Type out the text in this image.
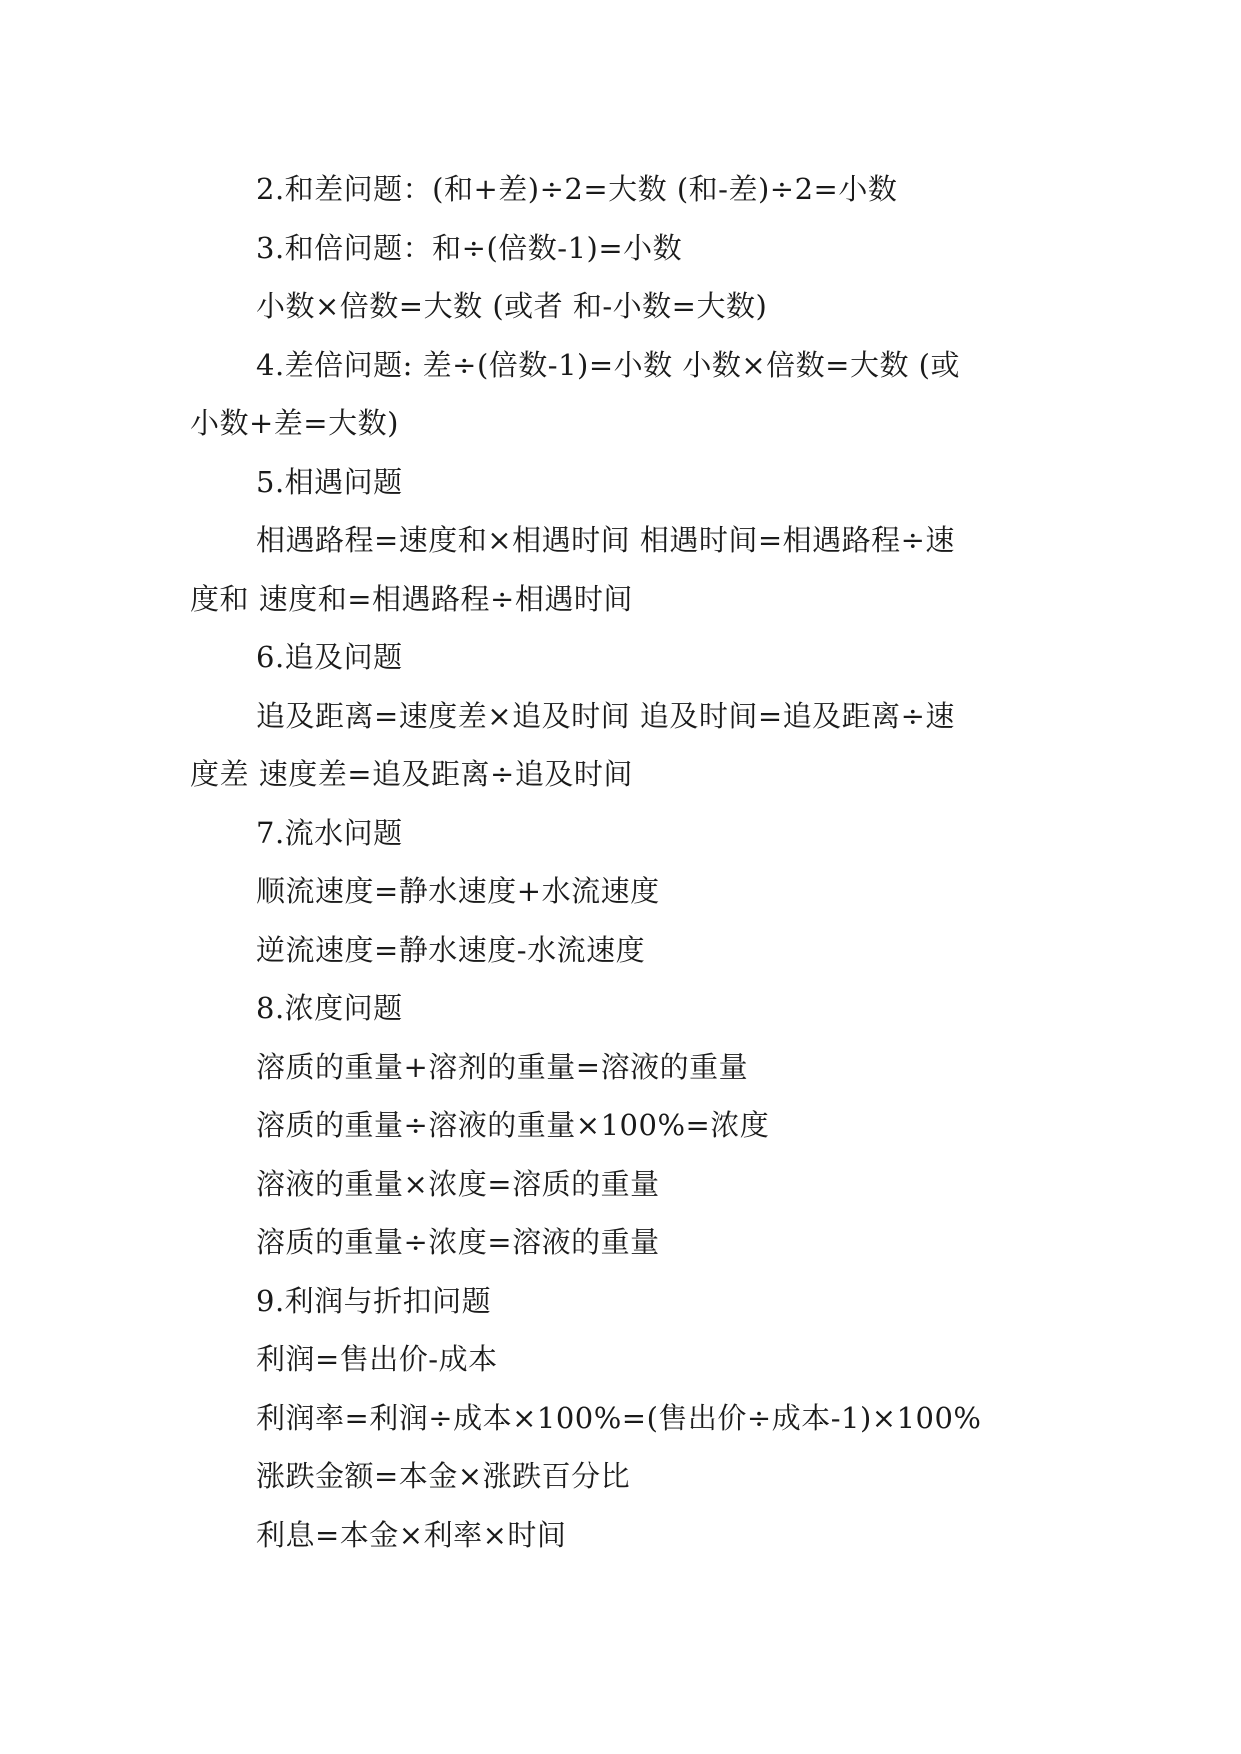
2.和差问题：(和+差)÷2=大数 (和-差)÷2=小数
3.和倍问题：和÷(倍数-1)=小数
小数×倍数=大数 (或者 和-小数=大数)
4.差倍问题: 差÷(倍数-1)=小数 小数×倍数=大数 (或
小数+差=大数)
5.相遇问题
相遇路程=速度和×相遇时间 相遇时间=相遇路程÷速
度和 速度和=相遇路程÷相遇时间
6.追及问题
追及距离=速度差×追及时间 追及时间=追及距离÷速
度差 速度差=追及距离÷追及时间
7.流水问题
顺流速度=静水速度+水流速度
逆流速度=静水速度-水流速度
8.浓度问题
溶质的重量+溶剂的重量=溶液的重量
溶质的重量÷溶液的重量×100%=浓度
溶液的重量×浓度=溶质的重量
溶质的重量÷浓度=溶液的重量
9.利润与折扣问题
利润=售出价-成本
利润率=利润÷成本×100%=(售出价÷成本-1)×100%
涨跌金额=本金×涨跌百分比
利息=本金×利率×时间
